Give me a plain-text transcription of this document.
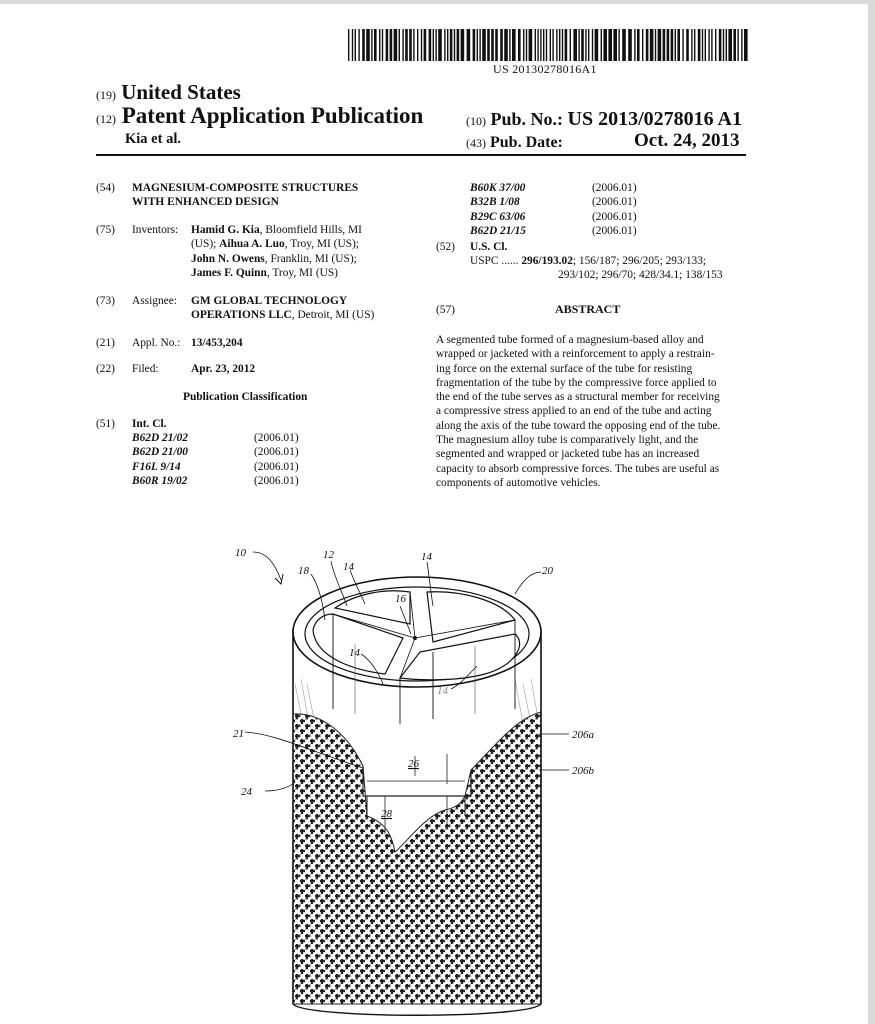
US 20130278016A1
(19) United States
(12) Patent Application Publication
Kia et al.
(10) Pub. No.: US 2013/0278016 A1
(43) Pub. Date:	Oct. 24, 2013
(54) MAGNESIUM-COMPOSITE STRUCTURES
WITH ENHANCED DESIGN
(75) Inventors: Hamid G. Kia, Bloomfield Hills, MI
(US); Aihua A. Luo, Troy, MI (US);
John N. Owens, Franklin, MI (US);
James F. Quinn, Troy, MI (US)
(73) Assignee: GM GLOBAL TECHNOLOGY
OPERATIONS LLC, Detroit, MI (US)
(21) Appl. No.: 13/453,204
(22) Filed:	Apr. 23, 2012
Publication Classification
(51) Int. Cl.
B62D 21/02	(2006.01)
B62D 21/00	(2006.01)
F16L 9/14	(2006.01)
B60R 19/02	(2006.01)
B60K 37/00	(2006.01)
B32B 1/08	(2006.01)
B29C 63/06	(2006.01)
B62D 21/15	(2006.01)
(52) U.S. Cl.
USPC ...... 296/193.02; 156/187; 296/205; 293/133;
293/102; 296/70; 428/34.1; 138/153
(57)	ABSTRACT
A segmented tube formed of a magnesium-based alloy and
wrapped or jacketed with a reinforcement to apply a restrain-
ing force on the external surface of the tube for resisting
fragmentation of the tube by the compressive force applied to
the end of the tube serves as a structural member for receiving
a compressive stress applied to an end of the tube and acting
along the axis of the tube toward the opposing end of the tube.
The magnesium alloy tube is comparatively light, and the
segmented and wrapped or jacketed tube has an increased
capacity to absorb compressive forces. The tubes are useful as
components of automotive vehicles.
10	12
14
14
18
16
20
14
14
21
24
26
28
206a
206b
